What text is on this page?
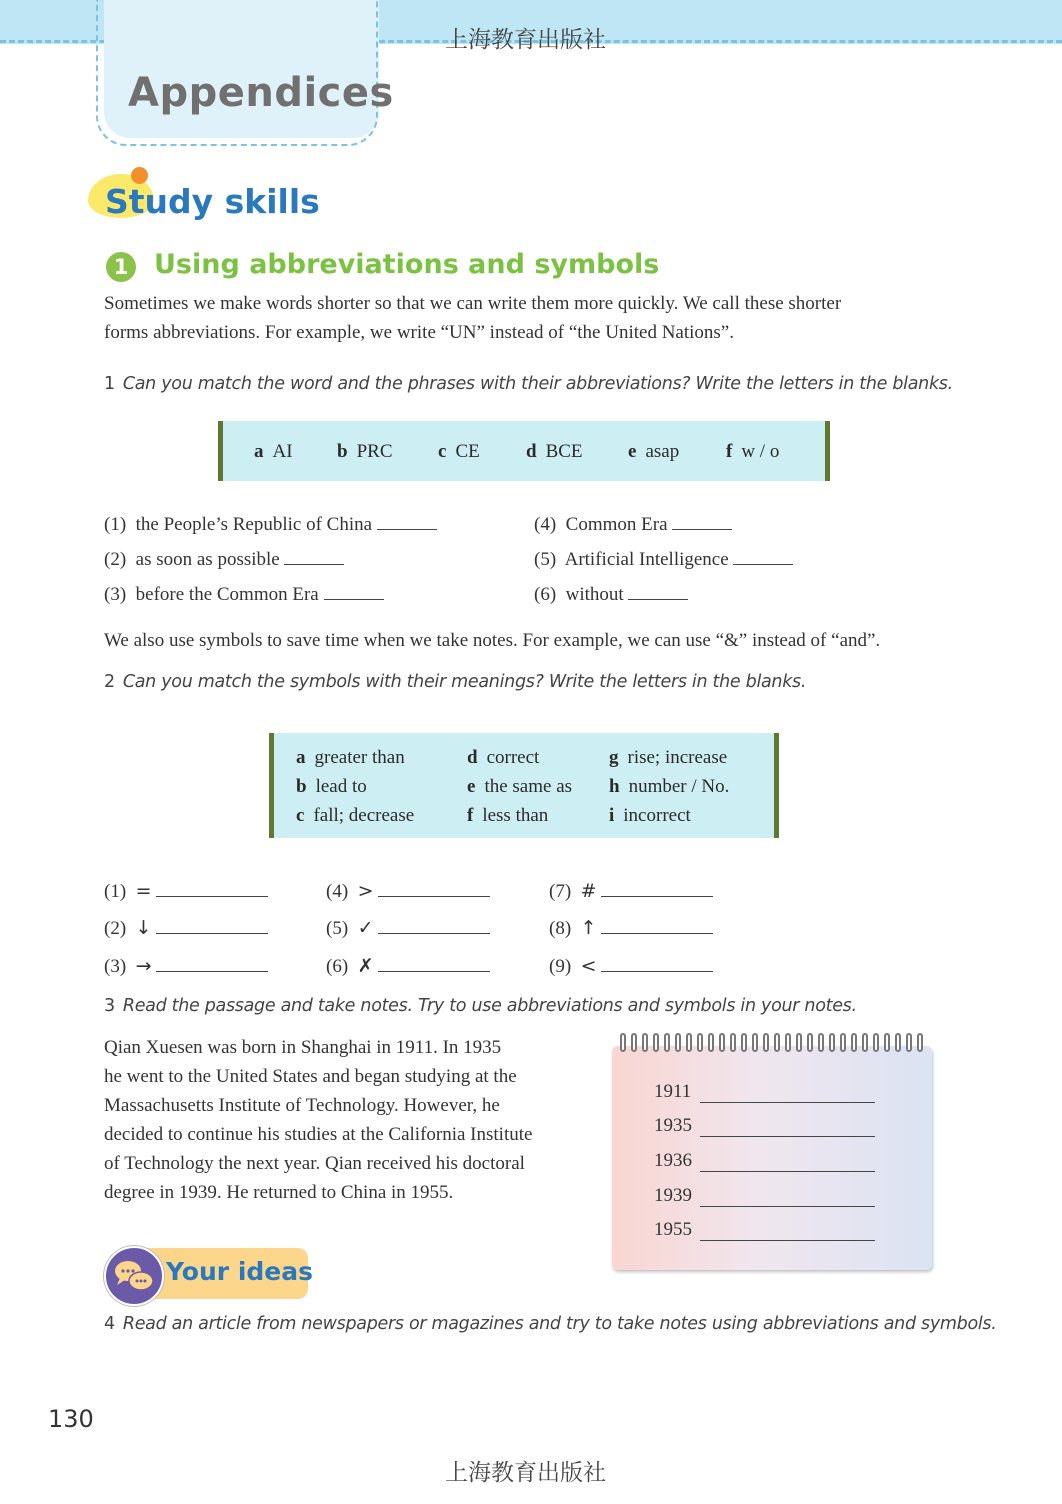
上海教育出版社
Appendices
Study skills
1 Using abbreviations and symbols
Sometimes we make words shorter so that we can write them more quickly. We call these shorter
forms abbreviations. For example, we write “UN” instead of “the United Nations”.
1 Can you match the word and the phrases with their abbreviations? Write the letters in the blanks.
a AI b PRC c CE d BCE e asap f w / o
(1) the People’s Republic of China
(2) as soon as possible
(3) before the Common Era
(4) Common Era
(5) Artificial Intelligence
(6) without
We also use symbols to save time when we take notes. For example, we can use “&” instead of “and”.
2 Can you match the symbols with their meanings? Write the letters in the blanks.
a greater than
b lead to
c fall; decrease
d correct
e the same as
f less than
g rise; increase
h number / No.
i incorrect
(1) =
(2) ↓
(3) →
(4) >
(5) ✓
(6) ✗
(7) #
(8) ↑
(9) <
3 Read the passage and take notes. Try to use abbreviations and symbols in your notes.
Qian Xuesen was born in Shanghai in 1911. In 1935
he went to the United States and began studying at the
Massachusetts Institute of Technology. However, he
decided to continue his studies at the California Institute
of Technology the next year. Qian received his doctoral
degree in 1939. He returned to China in 1955.
1911
1935
1936
1939
1955
Your ideas
4 Read an article from newspapers or magazines and try to take notes using abbreviations and symbols.
130
上海教育出版社
